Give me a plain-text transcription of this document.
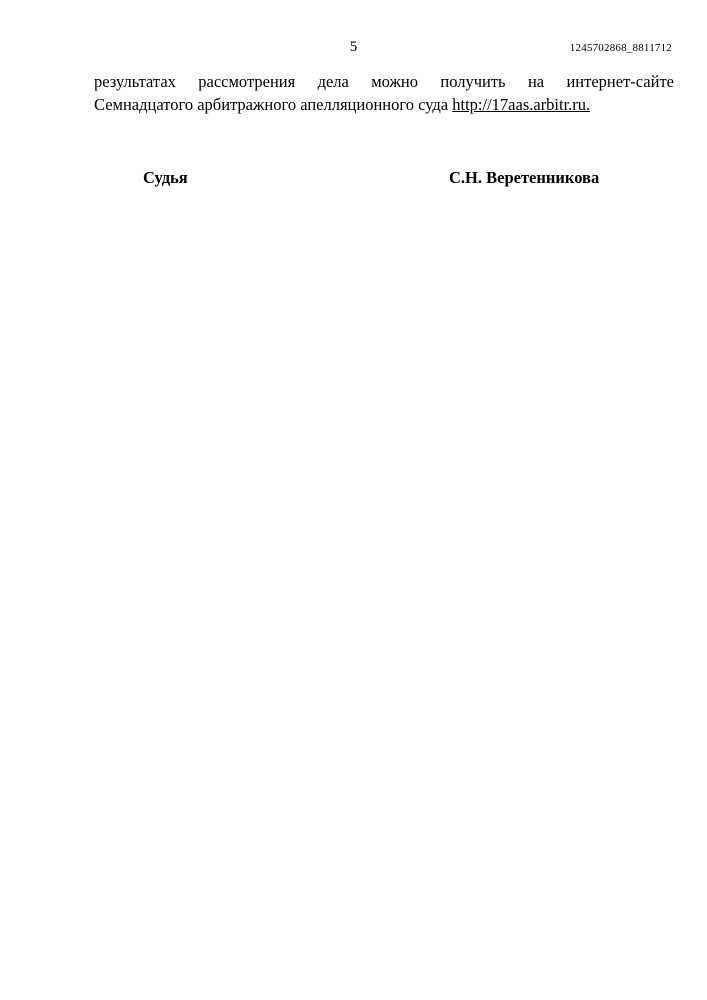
5	1245702868_8811712
результатах рассмотрения дела можно получить на интернет-сайте
Семнадцатого арбитражного апелляционного суда http://17aas.arbitr.ru.
Судья	С.Н. Веретенникова
